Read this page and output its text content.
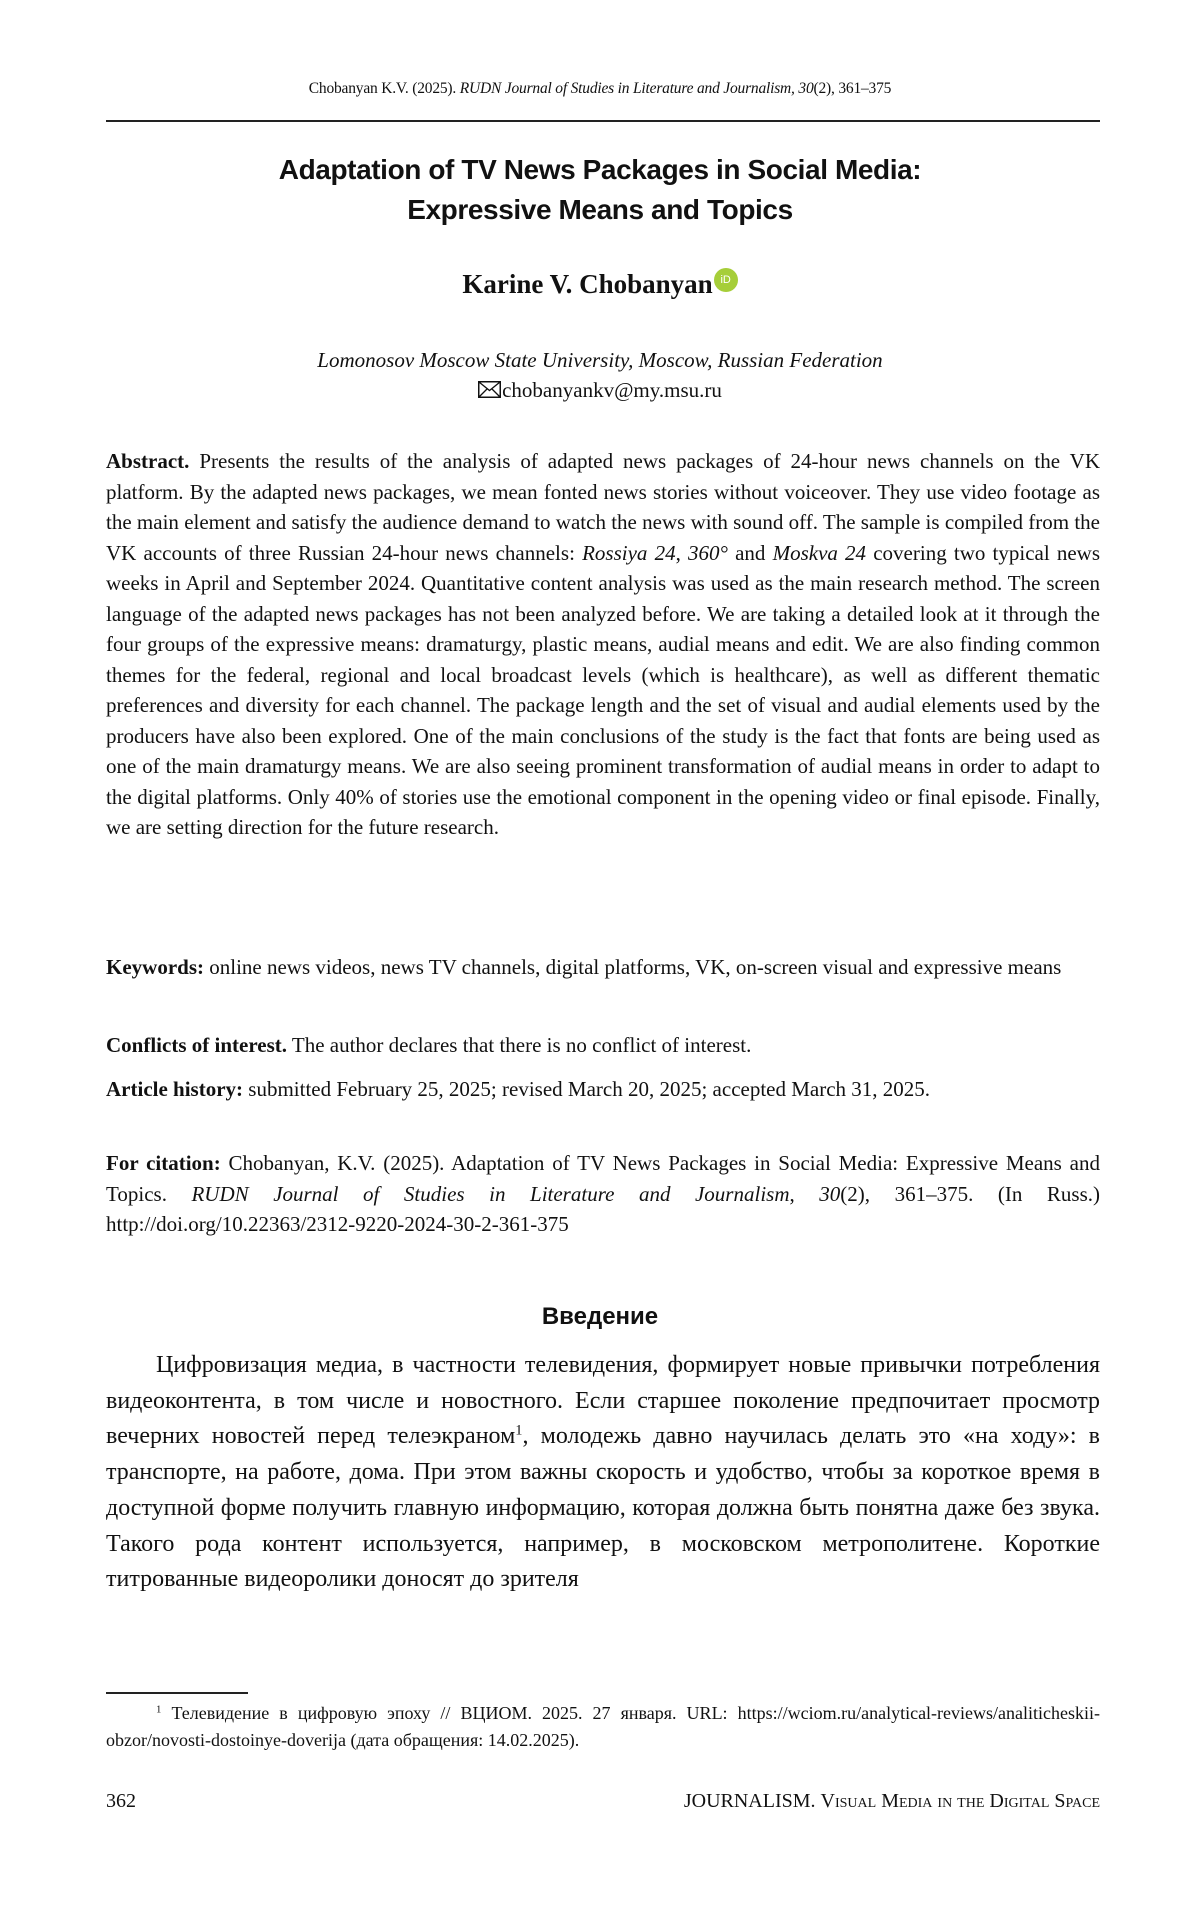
Chobanyan K.V. (2025). RUDN Journal of Studies in Literature and Journalism, 30(2), 361–375
Adaptation of TV News Packages in Social Media:
Expressive Means and Topics
Karine V. Chobanyan iD
Lomonosov Moscow State University, Moscow, Russian Federation
chobanyankv@my.msu.ru
Abstract. Presents the results of the analysis of adapted news packages of 24-hour news channels on the VK platform. By the adapted news packages, we mean fonted news stories without voiceover. They use video footage as the main element and satisfy the audience demand to watch the news with sound off. The sample is compiled from the VK accounts of three Russian 24-hour news channels: Rossiya 24, 360° and Moskva 24 covering two typical news weeks in April and September 2024. Quantitative content analysis was used as the main research method. The screen language of the adapted news packages has not been analyzed before. We are taking a detailed look at it through the four groups of the expressive means: dramaturgy, plastic means, audial means and edit. We are also finding common themes for the federal, regional and local broadcast levels (which is healthcare), as well as different thematic preferences and diversity for each channel. The package length and the set of visual and audial elements used by the producers have also been explored. One of the main conclusions of the study is the fact that fonts are being used as one of the main dramaturgy means. We are also seeing prominent transformation of audial means in order to adapt to the digital platforms. Only 40% of stories use the emotional component in the opening video or final episode. Finally, we are setting direction for the future research.
Keywords: online news videos, news TV channels, digital platforms, VK, on-screen visual and expressive means
Conflicts of interest. The author declares that there is no conflict of interest.
Article history: submitted February 25, 2025; revised March 20, 2025; accepted March 31, 2025.
For citation: Chobanyan, K.V. (2025). Adaptation of TV News Packages in Social Media: Expressive Means and Topics. RUDN Journal of Studies in Literature and Journalism, 30(2), 361–375. (In Russ.) http://doi.org/10.22363/2312-9220-2024-30-2-361-375
Введение
Цифровизация медиа, в частности телевидения, формирует новые привычки потребления видеоконтента, в том числе и новостного. Если старшее поколение предпочитает просмотр вечерних новостей перед телеэкраном$^1$, молодежь давно научилась делать это «на ходу»: в транспорте, на работе, дома. При этом важны скорость и удобство, чтобы за короткое время в доступной форме получить главную информацию, которая должна быть понятна даже без звука. Такого рода контент используется, например, в московском метрополитене. Короткие титрованные видеоролики доносят до зрителя
$^1$ Телевидение в цифровую эпоху // ВЦИОМ. 2025. 27 января. URL: https://wciom.ru/analytical-reviews/analiticheskii-obzor/novosti-dostoinye-doverija (дата обращения: 14.02.2025).
362	JOURNALISM. Visual Media in the Digital Space
